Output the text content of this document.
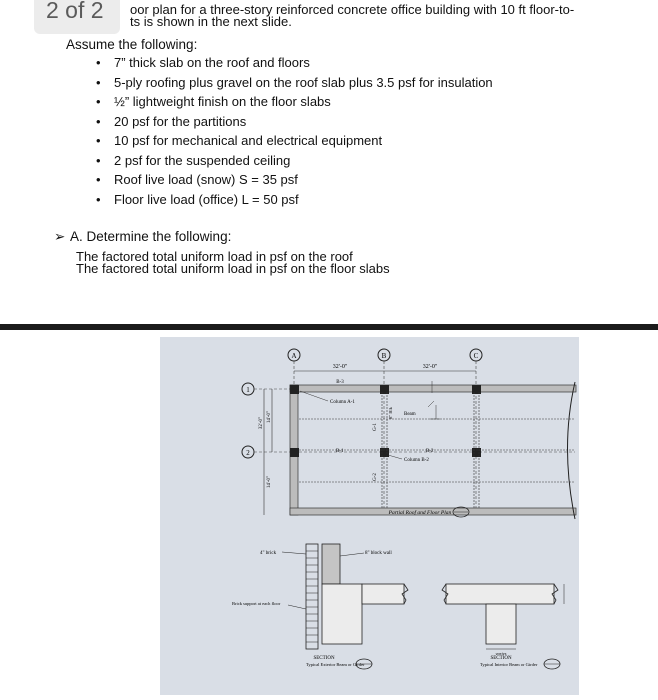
2 of 2 oor plan for a three-story reinforced concrete office building with 10 ft floor-to-
ts is shown in the next slide.
Assume the following:
• 7” thick slab on the roof and floors
• 5-ply roofing plus gravel on the roof slab plus 3.5 psf for insulation
• ½” lightweight finish on the floor slabs
• 20 psf for the partitions
• 10 psf for mechanical and electrical equipment
• 2 psf for the suspended ceiling
• Roof live load (snow) S = 35 psf
• Floor live load (office) L = 50 psf
➢ A. Determine the following:
The factored total uniform load in psf on the roof
The factored total uniform load in psf on the floor slabs
A	B	C
32'-0"	32'-0"
1
2
32'-0" 14'-0"
14'-0"
B-3
Column A-1
B-1	B-2
Beam
Column B-2
G-1
G-2
8" Blk
Partial Roof and Floor Plan
4" brick	8" block wall
Brick support at each floor
SECTION
Typical Exterior Beam or Girder
varies
SECTION
Typical Interior Beam or Girder
